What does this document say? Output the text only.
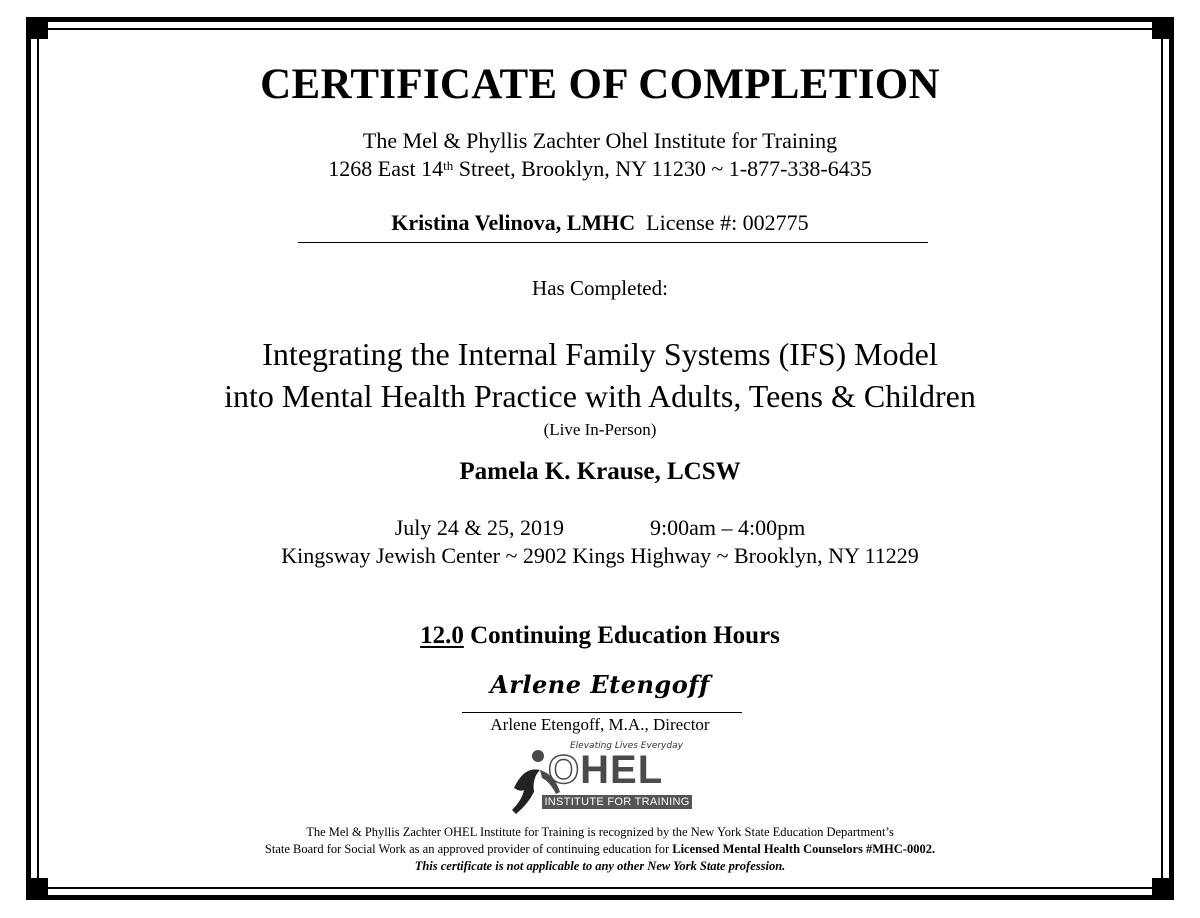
CERTIFICATE OF COMPLETION
The Mel & Phyllis Zachter Ohel Institute for Training
1268 East 14th Street, Brooklyn, NY 11230 ~ 1-877-338-6435
Kristina Velinova, LMHC License #: 002775
Has Completed:
Integrating the Internal Family Systems (IFS) Model
into Mental Health Practice with Adults, Teens & Children
(Live In-Person)
Pamela K. Krause, LCSW
July 24 & 25, 2019	9:00am – 4:00pm
Kingsway Jewish Center ~ 2902 Kings Highway ~ Brooklyn, NY 11229
12.0 Continuing Education Hours
Arlene Etengoff
Arlene Etengoff, M.A., Director
Elevating Lives Everyday
OHEL
INSTITUTE FOR TRAINING
The Mel & Phyllis Zachter OHEL Institute for Training is recognized by the New York State Education Department’s
State Board for Social Work as an approved provider of continuing education for Licensed Mental Health Counselors #MHC-0002.
This certificate is not applicable to any other New York State profession.
